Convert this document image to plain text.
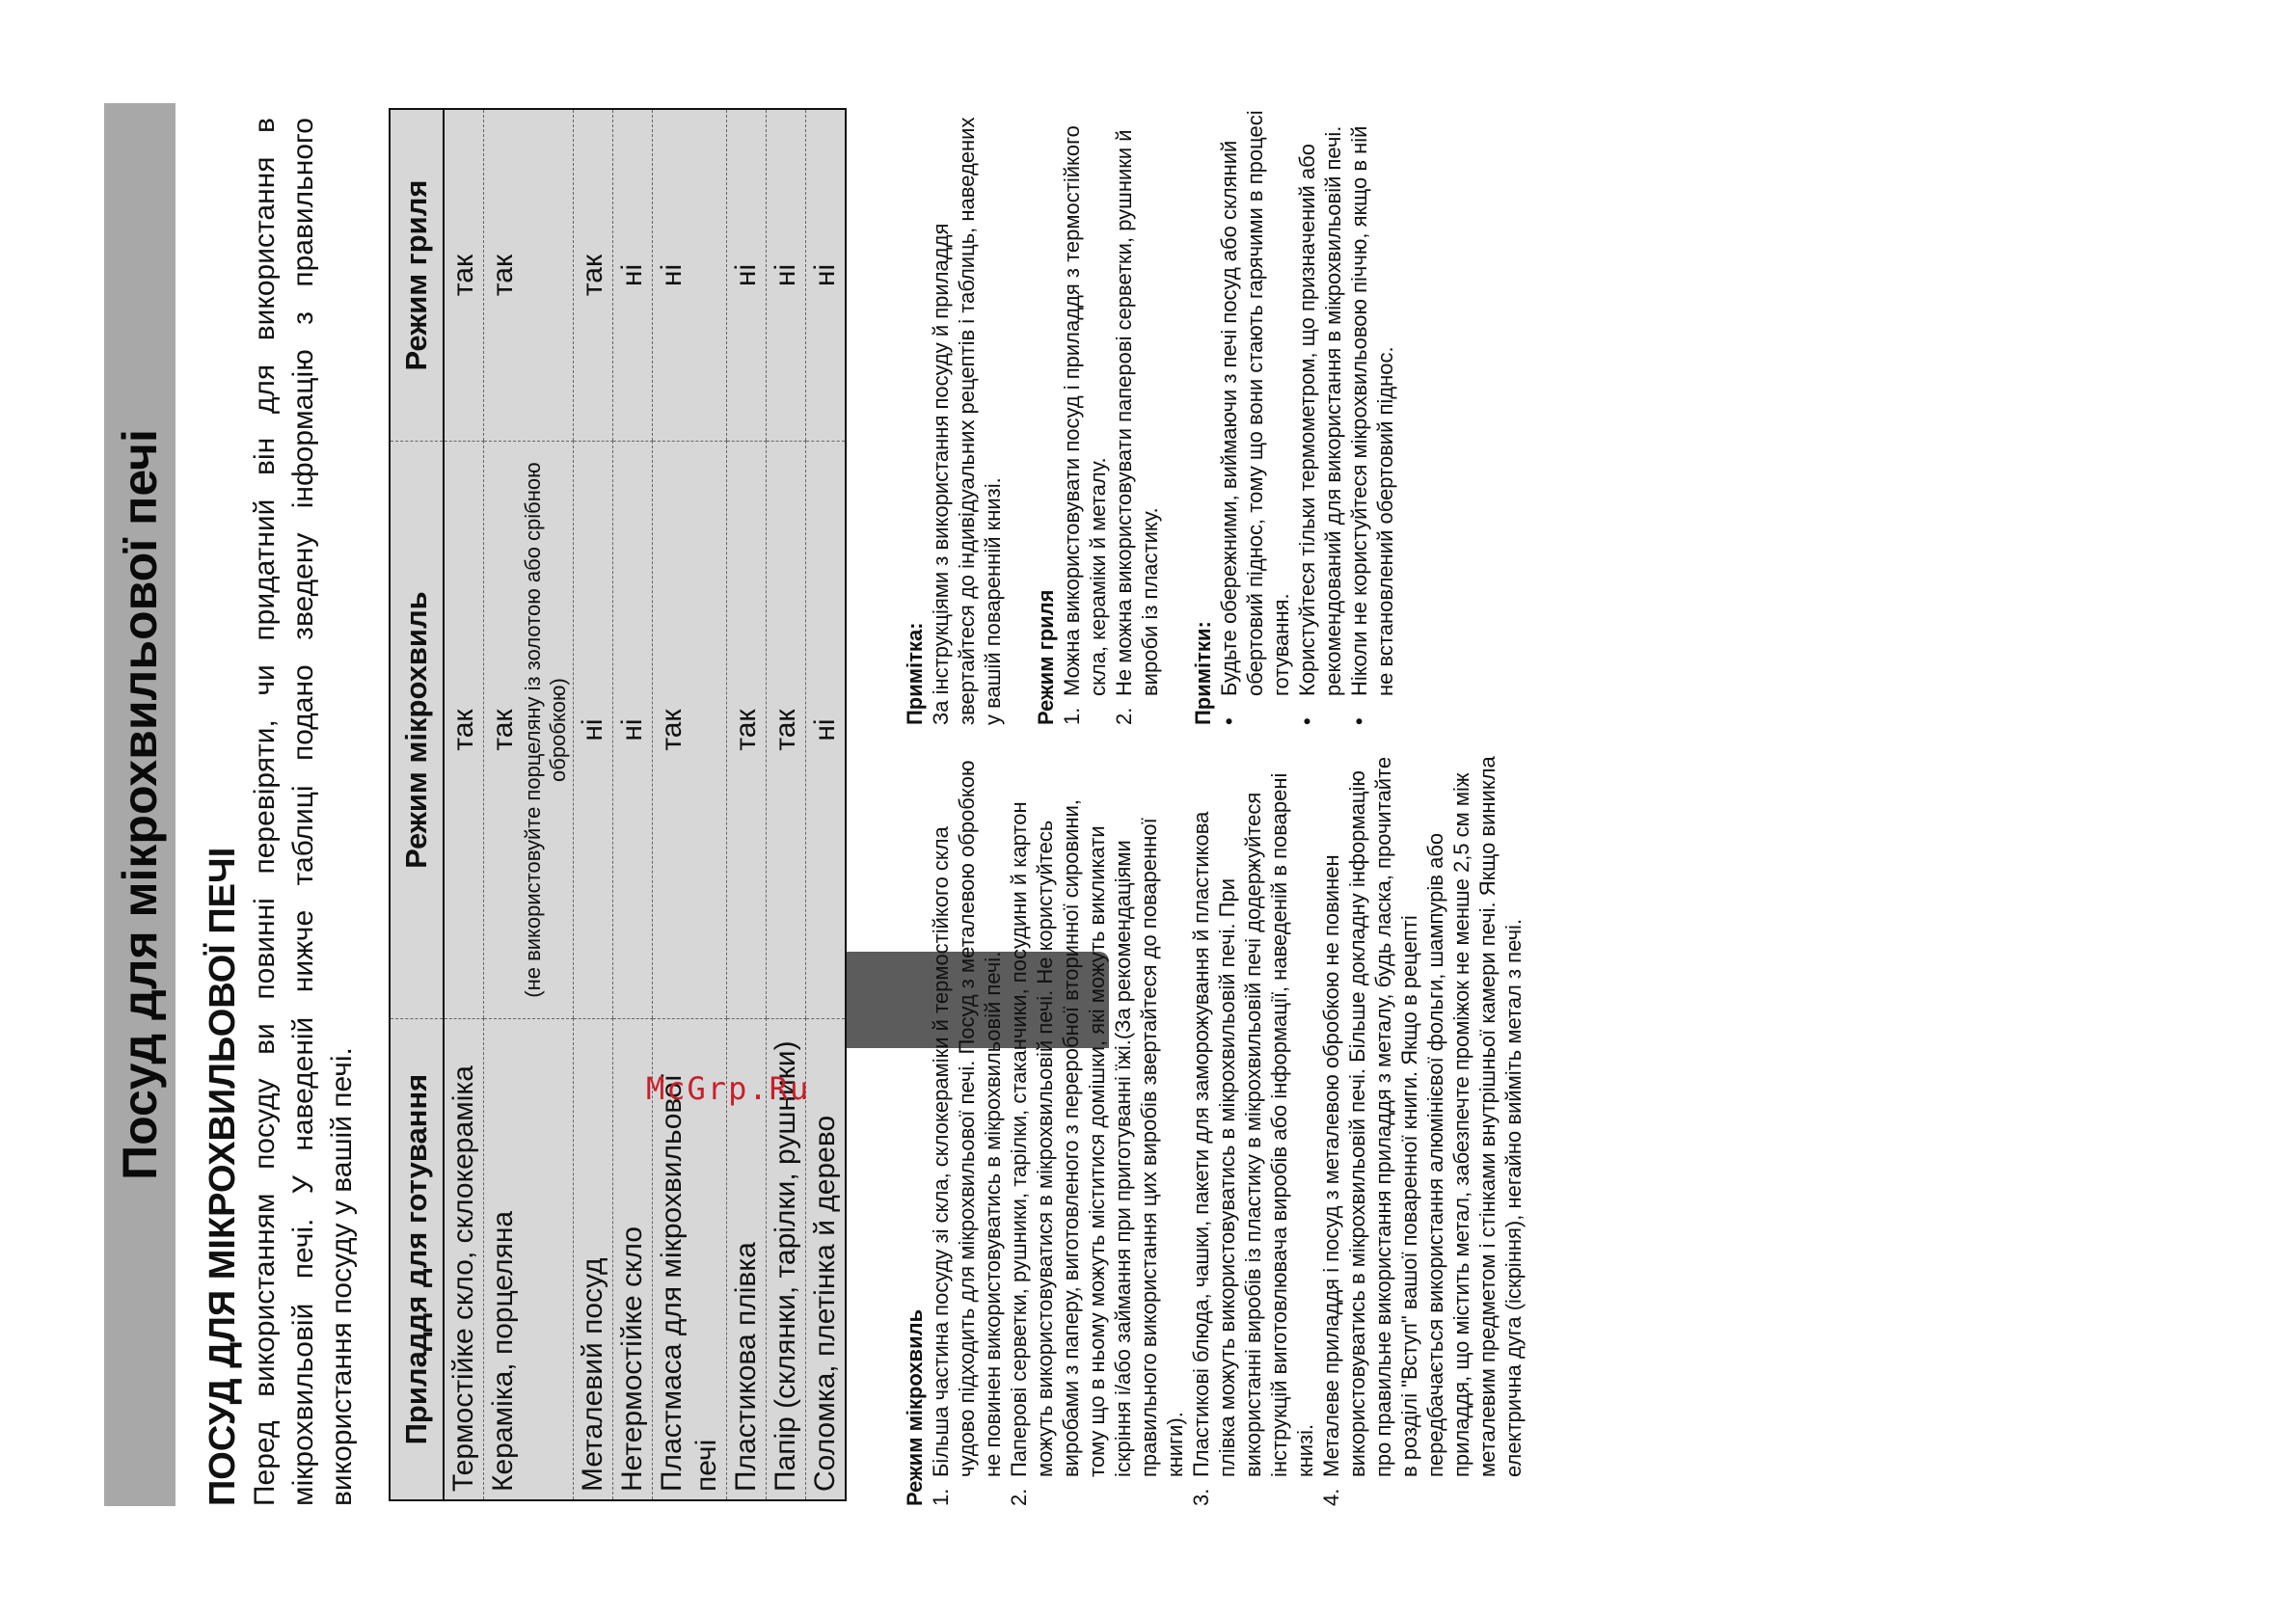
Посуд для мікрохвильової печі ПОСУД ДЛЯ МІКРОХВИЛЬОВОЇ ПЕЧІ Перед використанням посуду ви повинні перевіряти, чи придатний він для використання в мікрохвильовій печі. У наведеній нижче таблиці подано зведену інформацію з правильного використання посуду у вашій печі. Приладдя для готування	Режим мікрохвиль	Режим гриля
Термостійке скло, склокераміка	так	так
Кераміка, порцеляна	так (не використовуйте порцеляну із золотою або срібною обробкою)	так
Металевий посуд	ні	так
Нетермостійке скло	ні	ні
Пластмаса для мікрохвильової печі	так	ні
Пластикова плівка	так	ні
Папір (склянки, тарілки, рушники)	так	ні
Соломка, плетінка й дерево	ні	ні
Режим мікрохвиль 1.
Більша частина посуду зі скла, склокераміки й термостійкого скла чудово підходить для мікрохвильової печі. Посуд з металевою обробкою не повинен використовуватись в мікрохвильовій печі.
2.
Паперові серветки, рушники, тарілки, стаканчики, посудини й картон можуть використовуватися в мікрохвильовій печі. Не користуйтесь виробами з паперу, виготовленого з переробної вторинної сировини, тому що в ньому можуть міститися домішки, які можуть викликати іскріння і/або займання при приготуванні їжі.(За рекомендаціями правильного використання цих виробів звертайтеся до поваренної книги).
3.
Пластикові блюда, чашки, пакети для заморожування й пластикова плівка можуть використовуватись в мікрохвильовій печі. При використанні виробів із пластику в мікрохвильовій печі додержуйтеся інструкцій виготовлювача виробів або інформації, наведеній в поварені книзі.
4.
Металеве приладдя і посуд з металевою обробкою не повинен використовуватись в мікрохвильовій печі. Більше докладну інформацію про правильне використання приладдя з металу, будь ласка, прочитайте в розділі "Вступ" вашої поваренної книги. Якщо в рецепті передбачається використання алюмінієвої фольги, шампурів або приладдя, що містить метал, забезпечте проміжок не менше 2,5 см між металевим предметом і стінками внутрішньої камери печі. Якщо виникла електрична дуга (іскріння), негайно вийміть метал з печі.
Примітка: За інструкціями з використання посуду й приладдя звертайтеся до індивідуальних рецептів і таблиць, наведених у вашій поваренній книзі. Режим гриля 1.
Можна використовувати посуд і приладдя з термостійкого скла, кераміки й металу.
2.
Не можна використовувати паперові серветки, рушники й вироби із пластику. Примітки: •
Будьте обережними, виймаючи з печі посуд або скляний обертовий піднос, тому що вони стають гарячими в процесі готування.
•
Користуйтеся тільки термометром, що призначений або рекомендований для використання в мікрохвильовій печі.
•
Ніколи не користуйтеся мікрохвильовою піччю, якщо в ній не встановлений обертовий піднос.
McGrp.Ru
